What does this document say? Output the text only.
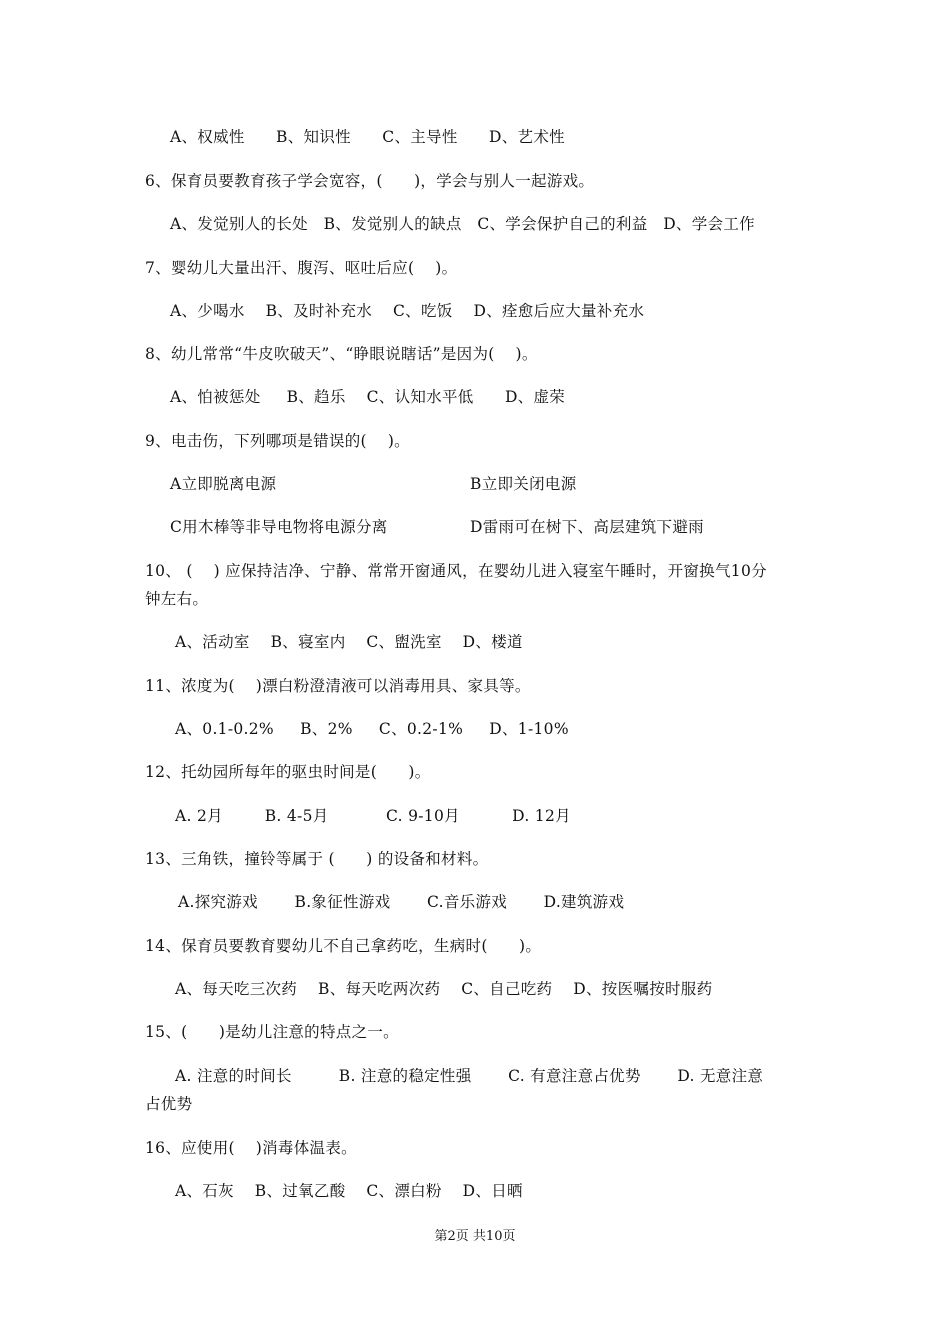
A、权威性      B、知识性      C、主导性      D、艺术性
6、保育员要教育孩子学会宽容，(      )，学会与别人一起游戏。
A、发觉别人的长处   B、发觉别人的缺点   C、学会保护自己的利益   D、学会工作
7、婴幼儿大量出汗、腹泻、呕吐后应(    )。
A、少喝水    B、及时补充水    C、吃饭    D、痊愈后应大量补充水
8、幼儿常常“牛皮吹破天”、“睁眼说瞎话”是因为(    )。
A、怕被惩处     B、趋乐    C、认知水平低      D、虚荣
9、电击伤，下列哪项是错误的(    )。
A立即脱离电源	B立即关闭电源
C用木棒等非导电物将电源分离	D雷雨可在树下、高层建筑下避雨
10、 (    ) 应保持洁净、宁静、常常开窗通风，在婴幼儿进入寝室午睡时，开窗换气10分
钟左右。
A、活动室    B、寝室内    C、盥洗室    D、楼道
11、浓度为(    )漂白粉澄清液可以消毒用具、家具等。
A、0.1-0.2%     B、2%     C、0.2-1%     D、1-10%
12、托幼园所每年的驱虫时间是(      )。
A. 2月        B. 4-5月           C. 9-10月          D. 12月
13、三角铁，撞铃等属于 (      ) 的设备和材料。
A.探究游戏       B.象征性游戏       C.音乐游戏       D.建筑游戏
14、保育员要教育婴幼儿不自己拿药吃，生病时(      )。
A、每天吃三次药    B、每天吃两次药    C、自己吃药    D、按医嘱按时服药
15、(      )是幼儿注意的特点之一。
A. 注意的时间长         B. 注意的稳定性强       C. 有意注意占优势       D. 无意注意
占优势
16、应使用(    )消毒体温表。
A、石灰    B、过氧乙酸    C、漂白粉    D、日晒
第2页 共10页
